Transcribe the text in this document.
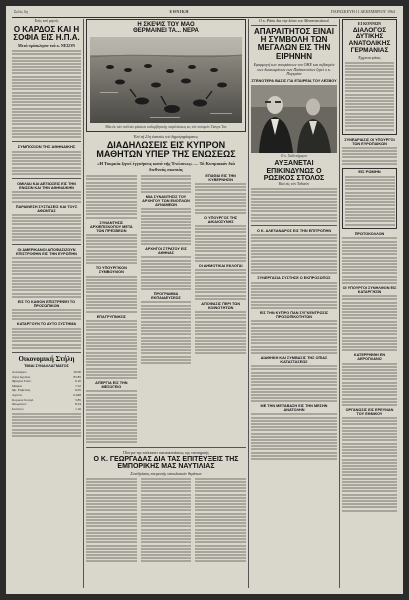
Σελίς 4η	ΕΘΝΙΚΗ	ΠΑΡΑΣΚΕΥΗ 11 ΔΕΚΕΜΒΡΙΟΥ 1964
Τούς τού μηνός
Ο ΚΑΡΔΟΣ ΚΑΙ Η ΣΟΦΙΑ ΕΙΣ Η.Π.Α.
Μετά πρόσκλησιν τού κ. ΝΕΣΟΝ
ΣΥΜΠΟΣΙΟΝ ΤΗΣ ΑΘΗΝΑΙΚΗΣ
ΟΜΙΛΙΑΙ ΚΑΙ ΔΕΞΙΩΣΕΙΣ ΕΙΣ ΤΗΝ ΕΝΩΣΙΝ ΚΑΙ ΤΗΝ ΑΘΗΝΑΙΚΗΝ
ΠΑΡΑΙΝΕΣΗ ΣΥΣΤΑΣΕΙΣ ΚΑΙ ΤΟΥΣ ΑΘΩΝΤΑΣ
ΟΙ ΑΜΕΡΙΚΑΝΟΙ ΑΠΟΦΑΣΙΖΟΥΝ ΕΠΙΣΤΡΟΦΗΝ ΕΙΣ ΤΗΝ ΕΥΡΩΠΗΝ
ΕΙΣ ΤΟ ΚΑΘΟΝ ΕΠΙΣΤΡΕΦΕΙ ΤΟ ΠΡΟΣΩΠΙΚΟΝ
ΚΑΤΑΡΓΟΥΝ ΤΟ ΑΥΤΟ ΣΥΣΤΗΜΑ
Οικονομική Στήλη
ΤΙΜΑΙ ΣΥΝΑΛΛΑΓΜΑΤΟΣ
Δολλάριον	30.00
Λίρα Αγγλίας	83.85
Φράγκα Γαλλ.	6.10
Μάρκα	7.52
Φρ. Ελβετίας	6.95
Λιρέτα	0.048
Κορώνα Σουηδ.	5.85
Φλωρίνιον	8.34
Σελίνιον	1.16
Η ΣΚΕΨΙΣ ΤΟΥ ΜΑΟ
ΘΕΡΜΑΙΝΕΙ ΤΑ... ΝΕΡΑ
Μία έκ τών πολλών φάσεων κολυμβητικής παρελάσεως εις τόν ποταμόν Γιάνγκ Τσε
Έπί τή 21η έπετείω τού δημοψηφίσματος
ΔΙΑΔΗΛΩΣΕΙΣ ΕΙΣ ΚΥΠΡΟΝ ΜΑΘΗΤΩΝ ΥΠΕΡ ΤΗΣ ΕΝΩΣΕΩΣ
«Η Τουρκία ζητεί έγγυήσεις κατά τής Ένώσεως» — Τό Κυπριακόν διά διεθνούς σκοπιάς
ΣΥΝΑΝΤΗΣΙΣ ΑΡΧΙΕΠΙΣΚΟΠΟΥ ΜΕΤΑ ΤΩΝ ΠΡΕΣΒΕΩΝ
ΤΟ ΥΠΟΥΡΓΙΚΟΝ ΣΥΜΒΟΥΛΙΟΝ
ΕΠΑΓΡΥΠΝΗΣΙΣ
ΑΠΕΡΓΙΑ ΕΙΣ ΤΗΝ ΜΕΣΟΓΕΙΟ
ΜΙΑ ΣΥΝΑΝΤΗΣΙΣ ΤΟΥ ΑΡΧΗΓΟΥ ΤΩΝ ΕΝΟΠΛΩΝ ΔΥΝΑΜΕΩΝ
ΑΡΧΗΓΟΙ ΣΤΡΑΤΟΥ ΕΙΣ ΑΘΗΝΑΣ
ΠΡΟΓΡΑΜΜΑ ΕΚΠΑΙΔΕΥΣΕΩΣ
ΕΠΑΦΑΙ ΕΙΣ ΤΗΝ ΚΥΒΕΡΝΗΣΙΝ
Ο ΥΠΟΥΡΓΟΣ ΤΗΣ ΔΙΚΑΙΟΣΥΝΗΣ
ΟΙ ΔΗΜΟΤΙΚΑΙ ΕΚΛΟΓΑΙ
ΑΠΟΦΑΣΙΣ ΠΕΡΙ ΤΩΝ ΚΟΙΝΟΤΗΤΩΝ
Όλα για την επέκτασιν κατασκευάσεως της ναυπηγικής
Ο Κ. ΓΕΩΡΓΑΔΑΣ ΔΙΑ ΤΑΣ ΕΠΙΤΕΥΞΕΙΣ ΤΗΣ ΕΜΠΟΡΙΚΗΣ ΜΑΣ ΝΑΥΤΙΛΙΑΣ
Συνεδρίασις επιτροπής ναυτιλιακών θεμάτων
Ο κ. Ράσκ δια την λύσιν του Μεσανατολικού
ΑΠΑΡΑΙΤΗΤΟΣ ΕΙΝΑΙ Η ΣΥΜΒΟΛΗ ΤΩΝ ΜΕΓΑΛΩΝ ΕΙΣ ΤΗΝ ΕΙΡΗΝΗΝ
Εφαρμογή των αποφάσεων του ΟΗΕ και σεβασμόν των δικαιωμάτων των Παλαιστινίων ζητεί ο κ. Πογκράιν
ΣΤΕΝΟΤΕΡΑ ΒΑΣΙΣ ΓΙΑ ΕΤΑΙΡΕΙΑ ΤΟΥ ΛΕΣΒΟΥ
Ο κ. Χαϊδ σήμερον
ΑΥΞΑΝΕΤΑΙ ΕΠΙΚΙΝΔΥΝΩΣ Ο ΡΩΣΙΚΟΣ ΣΤΟΛΟΣ
Καί είς τόν Ίνδικόν
Ο Κ. ΑΛΕΞΑΝΔΡΟΣ ΕΙΣ ΤΗΝ ΕΠΙΤΡΟΠΗΝ
ΣΥΝΕΡΓΑΣΙΑ ΣΥΣΤΗΣΕ Ο ΕΚΠΡΟΣΩΠΟΣ
ΕΙΣ ΤΗΝ ΚΥΠΡΟ ΠΑΝ ΣΥΓΚΕΝΤΡΩΣΙΣ ΠΡΟΣΩΠΙΚΟΤΗΤΩΝ
ΔΙΑΘΗΚΗ ΚΑΙ ΣΥΜΒΑΣΙΣ ΤΗΣ ΟΠΙΑΣ ΚΑΤΑΣΤΑΣΕΩΣ
ΜΕ ΤΗΝ ΜΕΤΑΒΑΣΗ ΕΙΣ ΤΗΝ ΜΕΣΗΝ ΑΝΑΤΟΛΗΝ
ΕΙ ΚΟΝΝΩΝ
ΔΙΑΛΟΓΟΣ ΔΥΤΙΚΗΣ ΑΝΑΤΟΛΙΚΗΣ ΓΕΡΜΑΝΙΑΣ
Έρχεται φάσις
ΣΥΝΕΔΡΙΑΣΙΣ ΟΙ ΥΠΟΥΡΓΟΙ ΤΩΝ ΕΥΡΩΠΑΙΚΩΝ
ΕΙΣ ΡΩΜΗΝ
ΠΡΩΤΟΚΟΛΛΟΝ
ΟΙ ΥΠΟΥΡΓΟΙ ΣΥΝΗΛΘΟΝ ΕΙΣ ΚΑΤΑΡΓΗΣΙΝ
ΚΑΤΕΡΡΙΦΘΗ ΕΝ ΑΕΡΟΠΛΑΝΟ
ΟΡΓΑΝΩΣΙΣ ΕΙΣ ΕΡΕΥΝΑΝ ΤΟΥ ΕΘΝΙΚΟΥ
